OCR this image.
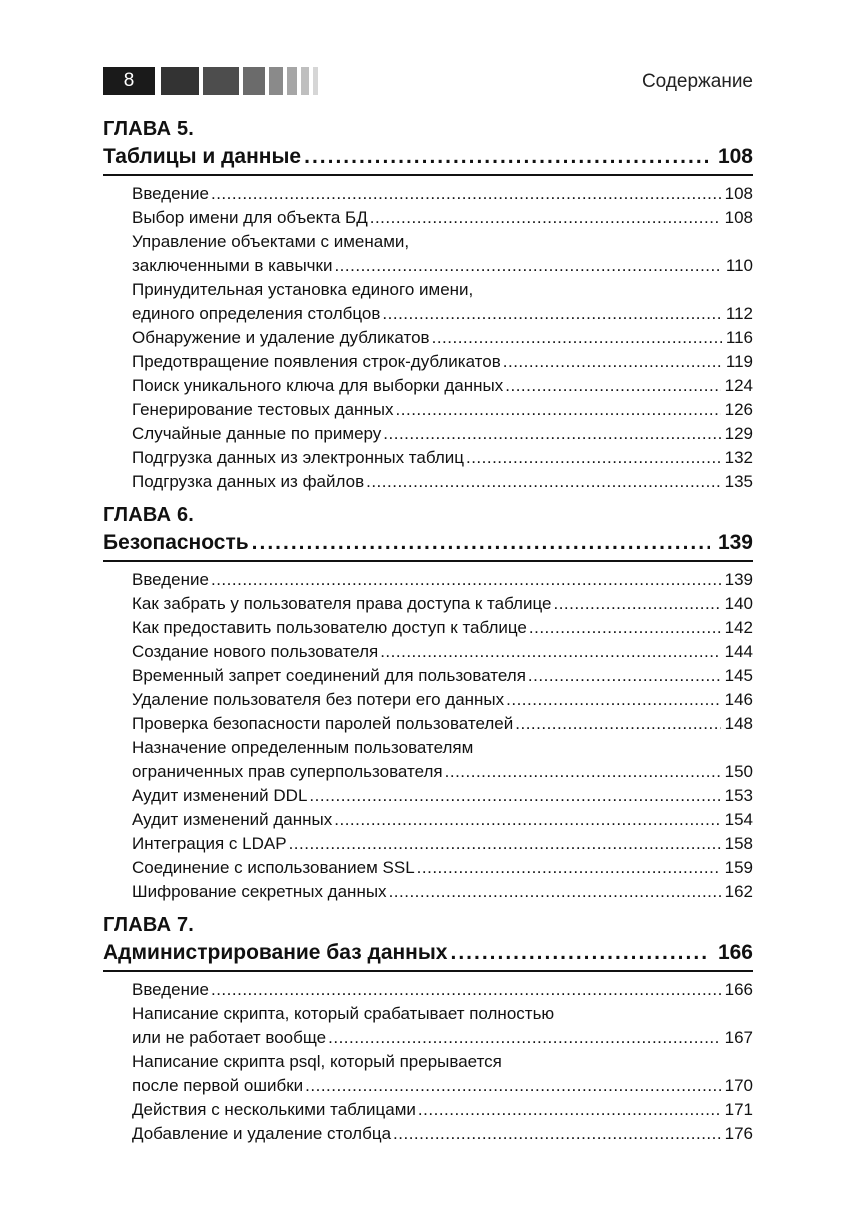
8	Содержание
ГЛАВА 5.
Таблицы и данные .....	108
Введение .....	108
Выбор имени для объекта БД .....	108
Управление объектами с именами,
заключенными в кавычки .....	110
Принудительная установка единого имени,
единого определения столбцов .....	112
Обнаружение и удаление дубликатов .....	116
Предотвращение появления строк-дубликатов .....	119
Поиск уникального ключа для выборки данных .....	124
Генерирование тестовых данных .....	126
Случайные данные по примеру .....	129
Подгрузка данных из электронных таблиц .....	132
Подгрузка данных из файлов .....	135
ГЛАВА 6.
Безопасность .....	139
Введение .....	139
Как забрать у пользователя права доступа к таблице .....	140
Как предоставить пользователю доступ к таблице .....	142
Создание нового пользователя .....	144
Временный запрет соединений для пользователя .....	145
Удаление пользователя без потери его данных .....	146
Проверка безопасности паролей пользователей .....	148
Назначение определенным пользователям
ограниченных прав суперпользователя .....	150
Аудит изменений DDL .....	153
Аудит изменений данных .....	154
Интеграция с LDAP .....	158
Соединение с использованием SSL .....	159
Шифрование секретных данных .....	162
ГЛАВА 7.
Администрирование баз данных .....	166
Введение .....	166
Написание скрипта, который срабатывает полностью
или не работает вообще .....	167
Написание скрипта psql, который прерывается
после первой ошибки .....	170
Действия с несколькими таблицами .....	171
Добавление и удаление столбца .....	176
